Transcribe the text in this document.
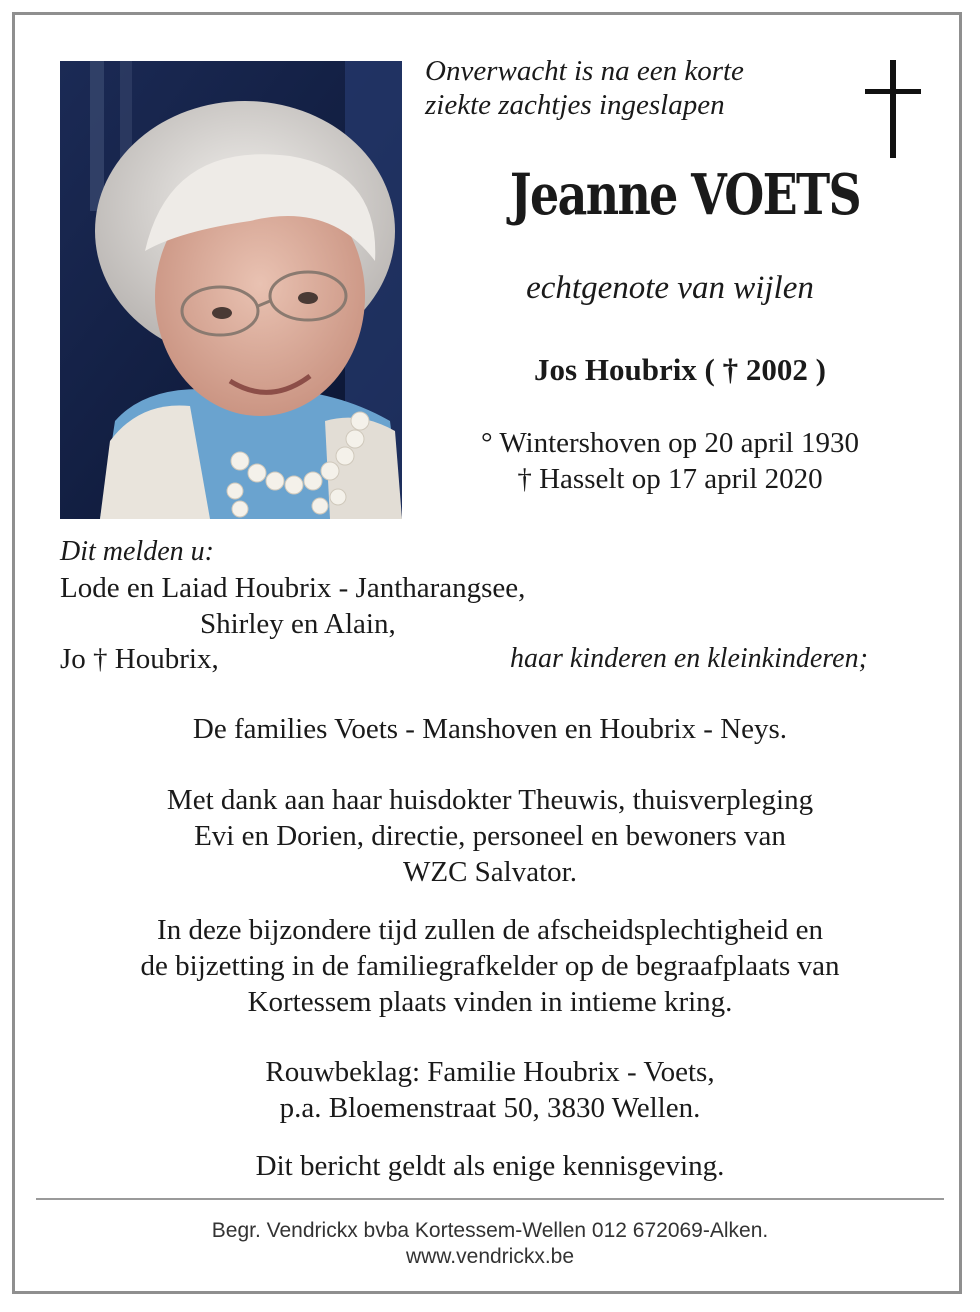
Onverwacht is na een korte
ziekte zachtjes ingeslapen
Jeanne VOETS
echtgenote van wijlen
Jos Houbrix ( † 2002 )
° Wintershoven op 20 april 1930
† Hasselt op 17 april 2020
Dit melden u:
Lode en Laiad Houbrix - Jantharangsee,
Shirley en Alain,
Jo † Houbrix,	haar kinderen en kleinkinderen;
De families Voets - Manshoven en Houbrix - Neys.
Met dank aan haar huisdokter Theuwis, thuisverpleging
Evi en Dorien, directie, personeel en bewoners van
WZC Salvator.
In deze bijzondere tijd zullen de afscheidsplechtigheid en
de bijzetting in de familiegrafkelder op de begraafplaats van
Kortessem plaats vinden in intieme kring.
Rouwbeklag: Familie Houbrix - Voets,
p.a. Bloemenstraat 50, 3830 Wellen.
Dit bericht geldt als enige kennisgeving.
Begr. Vendrickx bvba Kortessem-Wellen 012 672069-Alken.
www.vendrickx.be
